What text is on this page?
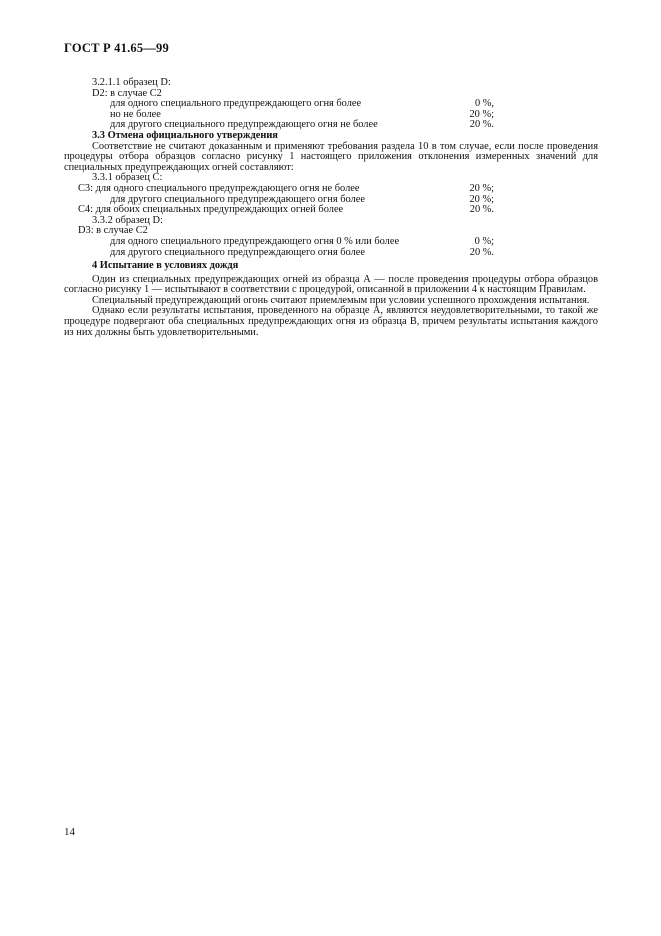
ГОСТ Р 41.65—99
3.2.1.1 образец D:
D2: в случае C2
для одного специального предупреждающего огня более	0 %,
но не более	20 %;
для другого специального предупреждающего огня не более	20 %.
3.3 Отмена официального утверждения

Соответствие не считают доказанным и применяют требования раздела 10 в том случае, если после проведения процедуры отбора образцов согласно рисунку 1 настоящего приложения отклонения измеренных значений для специальных предупреждающих огней составляют:

3.3.1 образец C:
C3: для одного специального предупреждающего огня не более	20 %;
для другого специального предупреждающего огня более	20 %;
C4: для обоих специальных предупреждающих огней более	20 %.
3.3.2 образец D:
D3: в случае C2
для одного специального предупреждающего огня 0 % или более	0 %;
для другого специального предупреждающего огня более	20 %.
4 Испытание в условиях дождя

Один из специальных предупреждающих огней из образца А — после проведения процедуры отбора образцов согласно рисунку 1 — испытывают в соответствии с процедурой, описанной в приложении 4 к настоящим Правилам.

Специальный предупреждающий огонь считают приемлемым при условии успешного прохождения испытания.

Однако если результаты испытания, проведенного на образце А, являются неудовлетворительными, то такой же процедуре подвергают оба специальных предупреждающих огня из образца В, причем результаты испытания каждого из них должны быть удовлетворительными.

14
